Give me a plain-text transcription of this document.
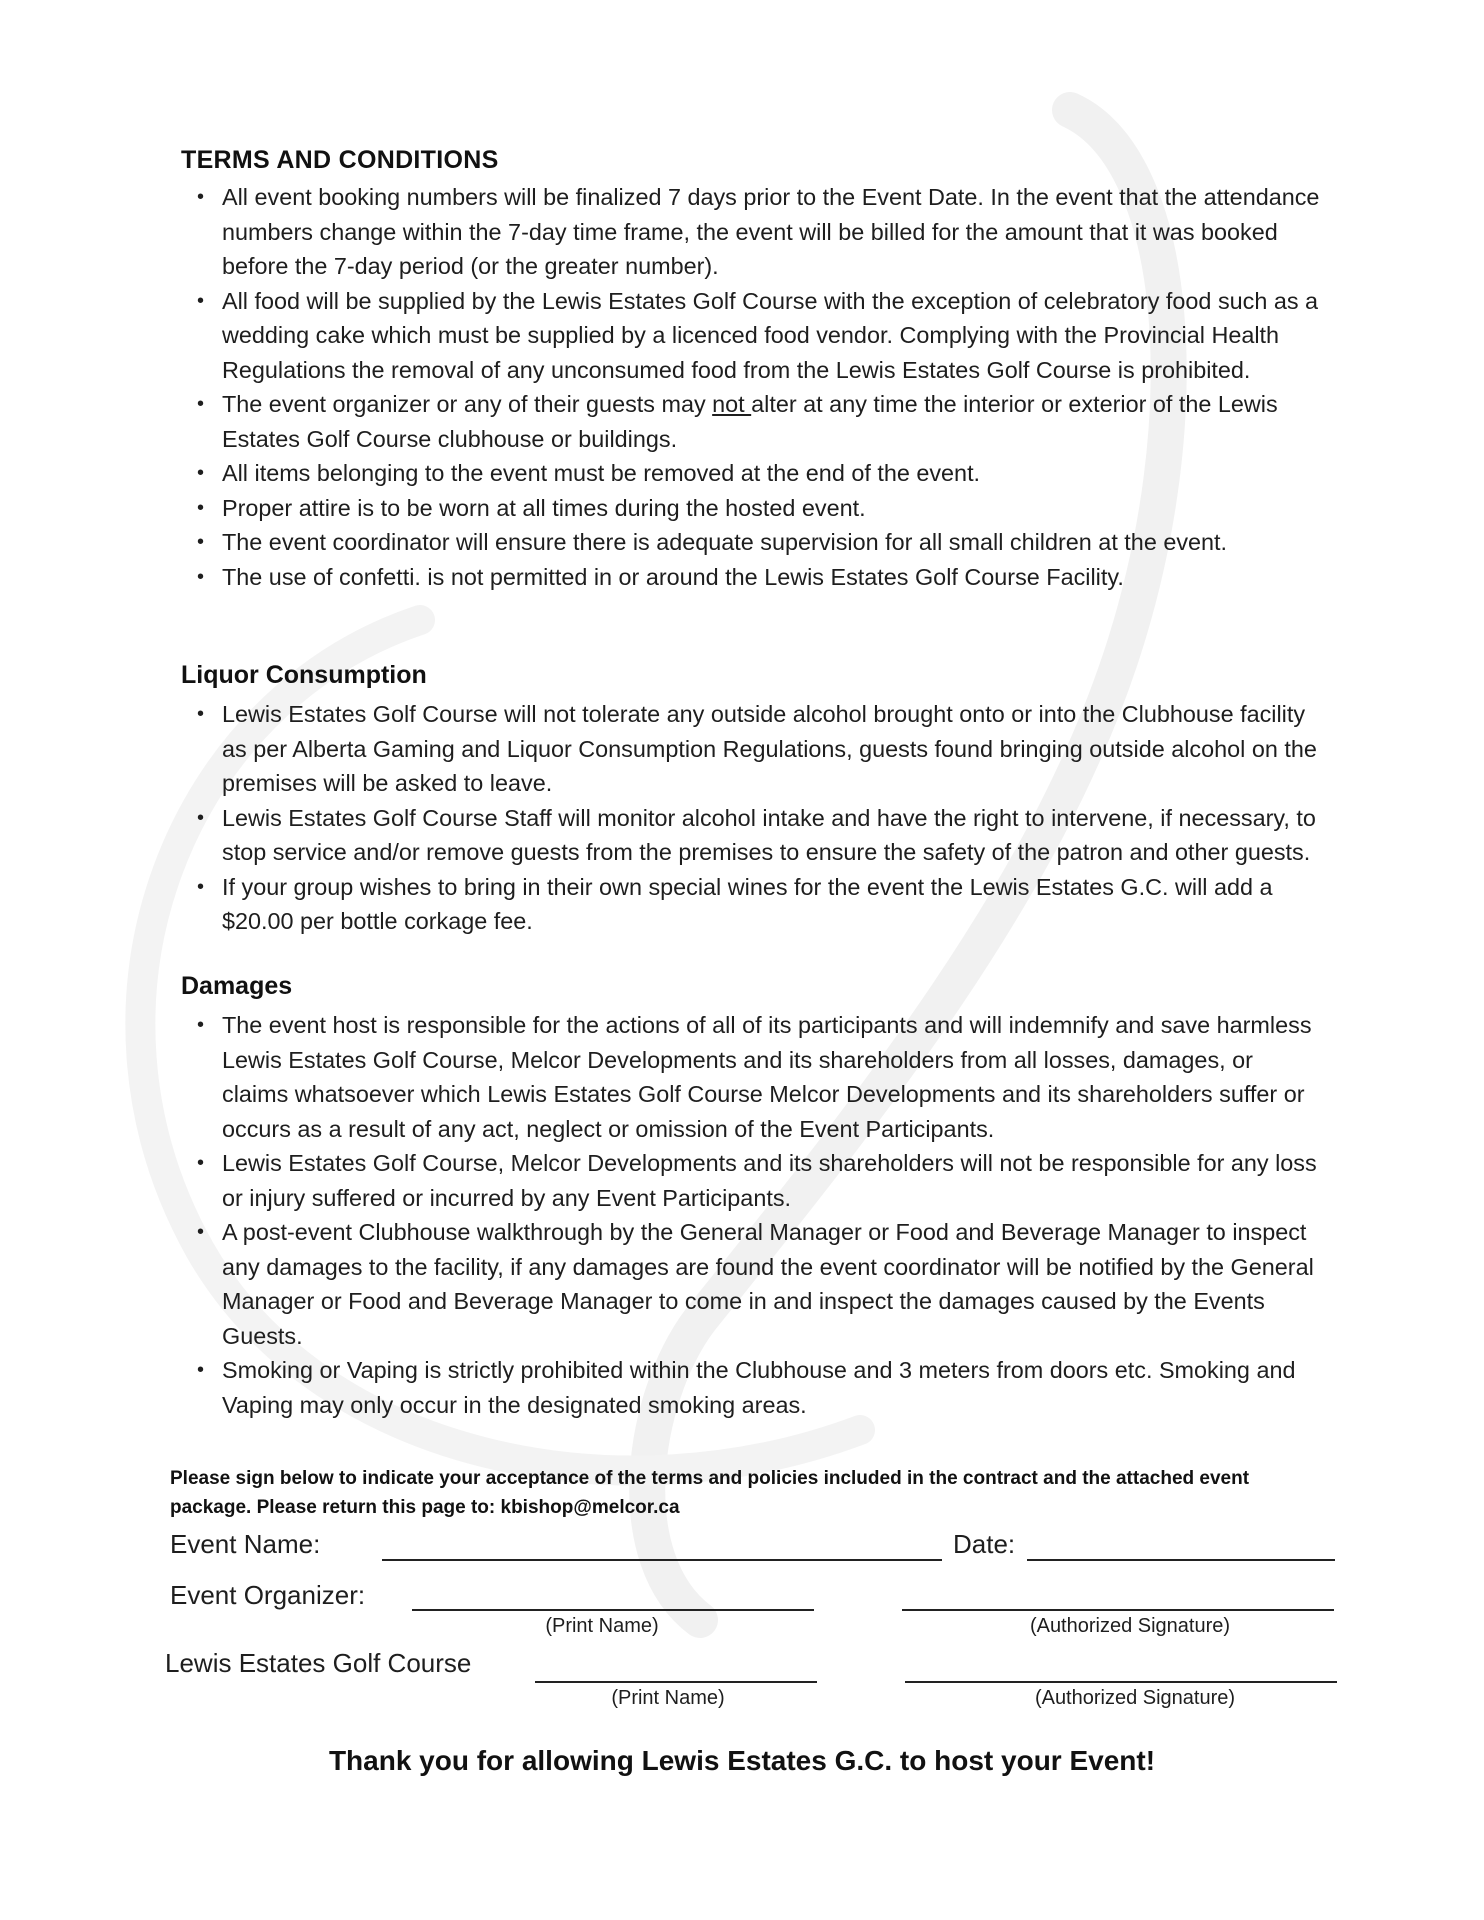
TERMS AND CONDITIONS
• All event booking numbers will be finalized 7 days prior to the Event Date. In the event that the attendance numbers change within the 7-day time frame, the event will be billed for the amount that it was booked before the 7-day period (or the greater number).
• All food will be supplied by the Lewis Estates Golf Course with the exception of celebratory food such as a wedding cake which must be supplied by a licenced food vendor. Complying with the Provincial Health Regulations the removal of any unconsumed food from the Lewis Estates Golf Course is prohibited.
• The event organizer or any of their guests may not alter at any time the interior or exterior of the Lewis Estates Golf Course clubhouse or buildings.
• All items belonging to the event must be removed at the end of the event.
• Proper attire is to be worn at all times during the hosted event.
• The event coordinator will ensure there is adequate supervision for all small children at the event.
• The use of confetti. is not permitted in or around the Lewis Estates Golf Course Facility.
Liquor Consumption
• Lewis Estates Golf Course will not tolerate any outside alcohol brought onto or into the Clubhouse facility as per Alberta Gaming and Liquor Consumption Regulations, guests found bringing outside alcohol on the premises will be asked to leave.
• Lewis Estates Golf Course Staff will monitor alcohol intake and have the right to intervene, if necessary, to stop service and/or remove guests from the premises to ensure the safety of the patron and other guests.
• If your group wishes to bring in their own special wines for the event the Lewis Estates G.C. will add a $20.00 per bottle corkage fee.
Damages
• The event host is responsible for the actions of all of its participants and will indemnify and save harmless Lewis Estates Golf Course, Melcor Developments and its shareholders from all losses, damages, or claims whatsoever which Lewis Estates Golf Course Melcor Developments and its shareholders suffer or occurs as a result of any act, neglect or omission of the Event Participants.
• Lewis Estates Golf Course, Melcor Developments and its shareholders will not be responsible for any loss or injury suffered or incurred by any Event Participants.
• A post-event Clubhouse walkthrough by the General Manager or Food and Beverage Manager to inspect any damages to the facility, if any damages are found the event coordinator will be notified by the General Manager or Food and Beverage Manager to come in and inspect the damages caused by the Events Guests.
• Smoking or Vaping is strictly prohibited within the Clubhouse and 3 meters from doors etc. Smoking and Vaping may only occur in the designated smoking areas.
Please sign below to indicate your acceptance of the terms and policies included in the contract and the attached event package. Please return this page to: kbishop@melcor.ca
Event Name:	Date:
Event Organizer:
(Print Name)	(Authorized Signature)
Lewis Estates Golf Course
(Print Name)	(Authorized Signature)
Thank you for allowing Lewis Estates G.C. to host your Event!
